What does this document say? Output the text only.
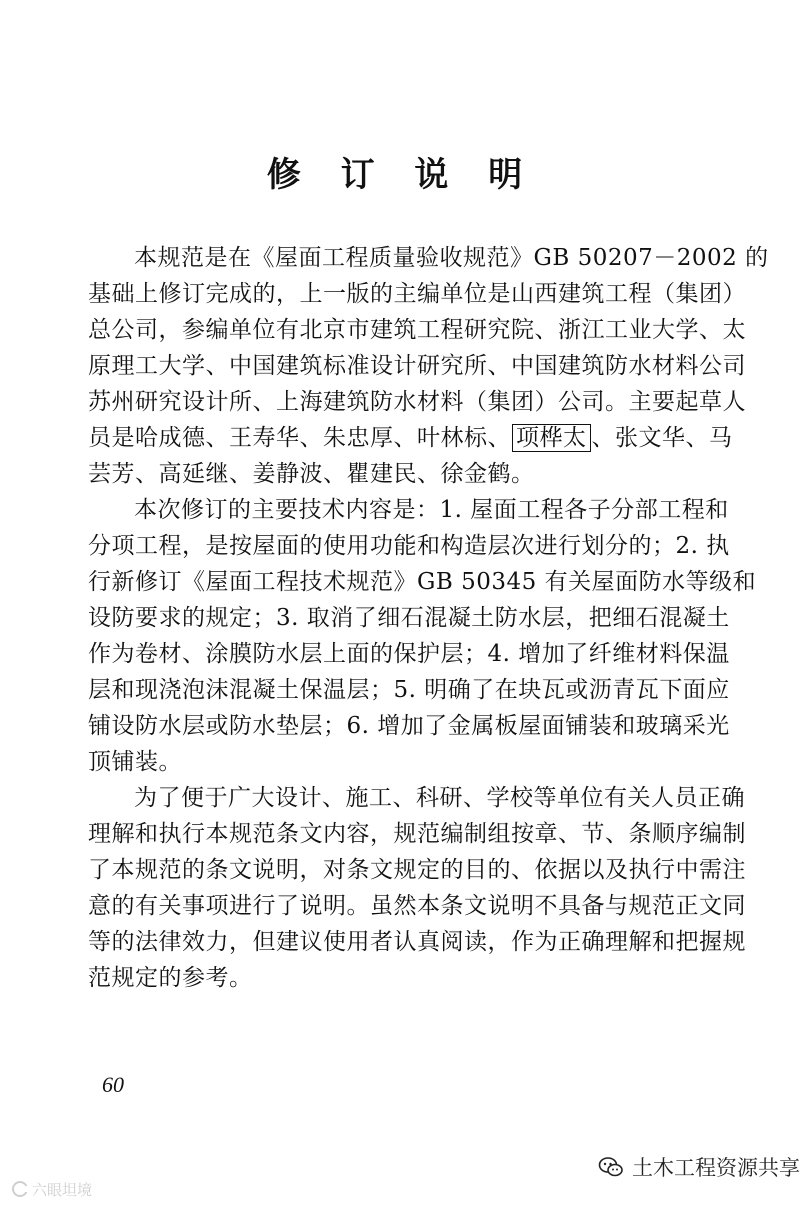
修 订 说 明
本规范是在《屋面工程质量验收规范》GB 50207－2002 的
基础上修订完成的，上一版的主编单位是山西建筑工程（集团）
总公司，参编单位有北京市建筑工程研究院、浙江工业大学、太
原理工大学、中国建筑标准设计研究所、中国建筑防水材料公司
苏州研究设计所、上海建筑防水材料（集团）公司。主要起草人
员是哈成德、王寿华、朱忠厚、叶林标、 项桦太 、张文华、马
芸芳、高延继、姜静波、瞿建民、徐金鹤。
本次修订的主要技术内容是：1. 屋面工程各子分部工程和
分项工程，是按屋面的使用功能和构造层次进行划分的；2. 执
行新修订《屋面工程技术规范》GB 50345 有关屋面防水等级和
设防要求的规定；3. 取消了细石混凝土防水层，把细石混凝土
作为卷材、涂膜防水层上面的保护层；4. 增加了纤维材料保温
层和现浇泡沫混凝土保温层；5. 明确了在块瓦或沥青瓦下面应
铺设防水层或防水垫层；6. 增加了金属板屋面铺装和玻璃采光
顶铺装。
为了便于广大设计、施工、科研、学校等单位有关人员正确
理解和执行本规范条文内容，规范编制组按章、节、条顺序编制
了本规范的条文说明，对条文规定的目的、依据以及执行中需注
意的有关事项进行了说明。虽然本条文说明不具备与规范正文同
等的法律效力，但建议使用者认真阅读，作为正确理解和把握规
范规定的参考。
60
六眼坦境
土木工程资源共享
